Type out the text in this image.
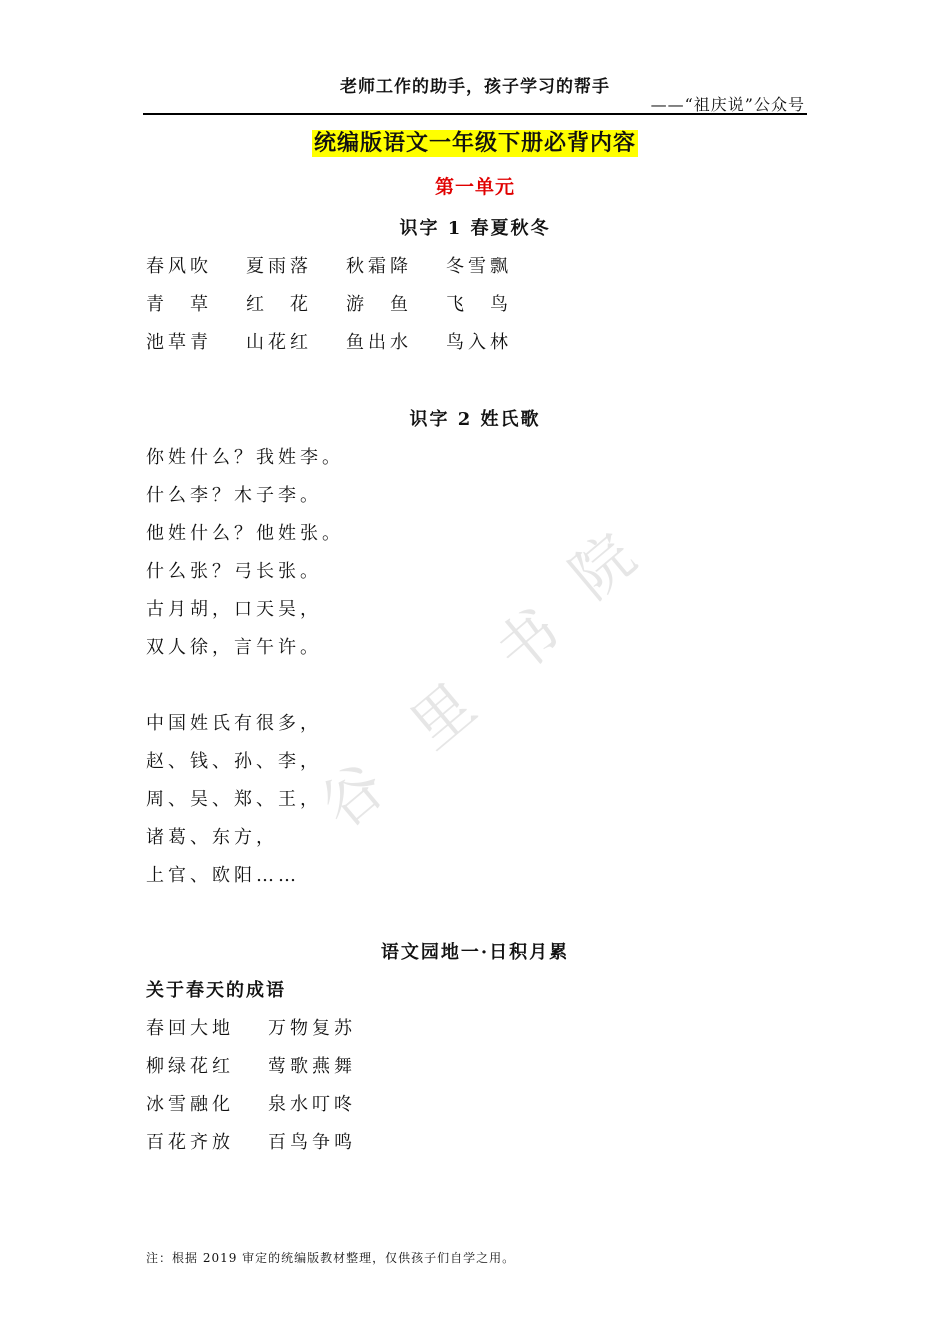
老师工作的助手，孩子学习的帮手
——“祖庆说”公众号
统编版语文一年级下册必背内容
第一单元
识字 1 春夏秋冬
春风吹	夏雨落	秋霜降	冬雪飘
青　草	红　花	游　鱼	飞　鸟
池草青	山花红	鱼出水	鸟入林
识字 2 姓氏歌
你姓什么？我姓李。
什么李？木子李。
他姓什么？他姓张。
什么张？弓长张。
古月胡，口天吴，
双人徐，言午许。
中国姓氏有很多，
赵、钱、孙、李，
周、吴、郑、王，
诸葛、东方，
上官、欧阳……
语文园地一·日积月累
关于春天的成语
春回大地 万物复苏
柳绿花红 莺歌燕舞
冰雪融化 泉水叮咚
百花齐放 百鸟争鸣
谷
里
书
院
注：根据 2019 审定的统编版教材整理，仅供孩子们自学之用。
